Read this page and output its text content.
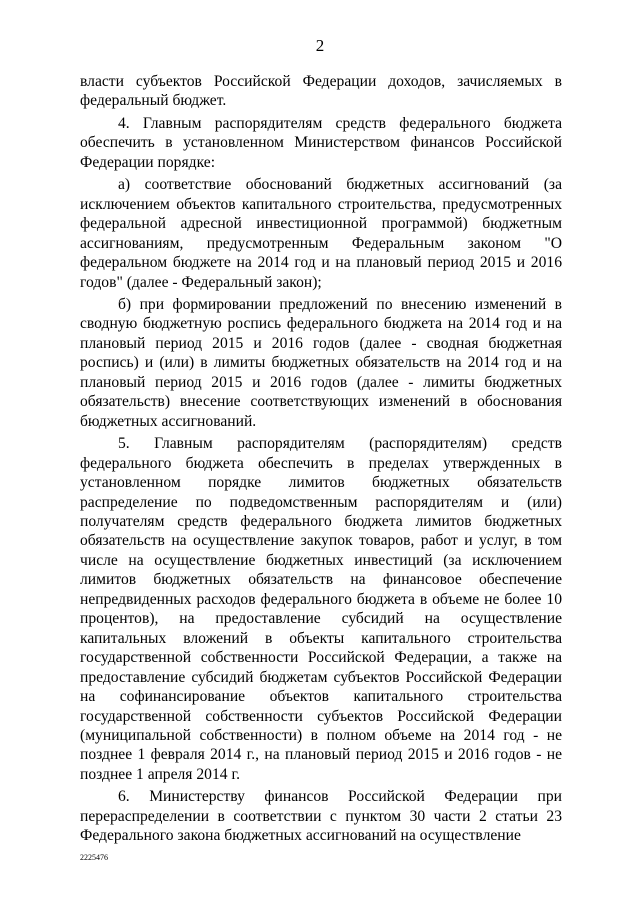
2

власти субъектов Российской Федерации доходов, зачисляемых в федеральный бюджет.

4. Главным распорядителям средств федерального бюджета обеспечить в установленном Министерством финансов Российской Федерации порядке:

а) соответствие обоснований бюджетных ассигнований (за исключением объектов капитального строительства, предусмотренных федеральной адресной инвестиционной программой) бюджетным ассигнованиям, предусмотренным Федеральным законом "О федеральном бюджете на 2014 год и на плановый период 2015 и 2016 годов" (далее - Федеральный закон);

б) при формировании предложений по внесению изменений в сводную бюджетную роспись федерального бюджета на 2014 год и на плановый период 2015 и 2016 годов (далее - сводная бюджетная роспись) и (или) в лимиты бюджетных обязательств на 2014 год и на плановый период 2015 и 2016 годов (далее - лимиты бюджетных обязательств) внесение соответствующих изменений в обоснования бюджетных ассигнований.

5. Главным распорядителям (распорядителям) средств федерального бюджета обеспечить в пределах утвержденных в установленном порядке лимитов бюджетных обязательств распределение по подведомственным распорядителям и (или) получателям средств федерального бюджета лимитов бюджетных обязательств на осуществление закупок товаров, работ и услуг, в том числе на осуществление бюджетных инвестиций (за исключением лимитов бюджетных обязательств на финансовое обеспечение непредвиденных расходов федерального бюджета в объеме не более 10 процентов), на предоставление субсидий на осуществление капитальных вложений в объекты капитального строительства государственной собственности Российской Федерации, а также на предоставление субсидий бюджетам субъектов Российской Федерации на софинансирование объектов капитального строительства государственной собственности субъектов Российской Федерации (муниципальной собственности) в полном объеме на 2014 год - не позднее 1 февраля 2014 г., на плановый период 2015 и 2016 годов - не позднее 1 апреля 2014 г.

6. Министерству финансов Российской Федерации при перераспределении в соответствии с пунктом 30 части 2 статьи 23 Федерального закона бюджетных ассигнований на осуществление

2225476
